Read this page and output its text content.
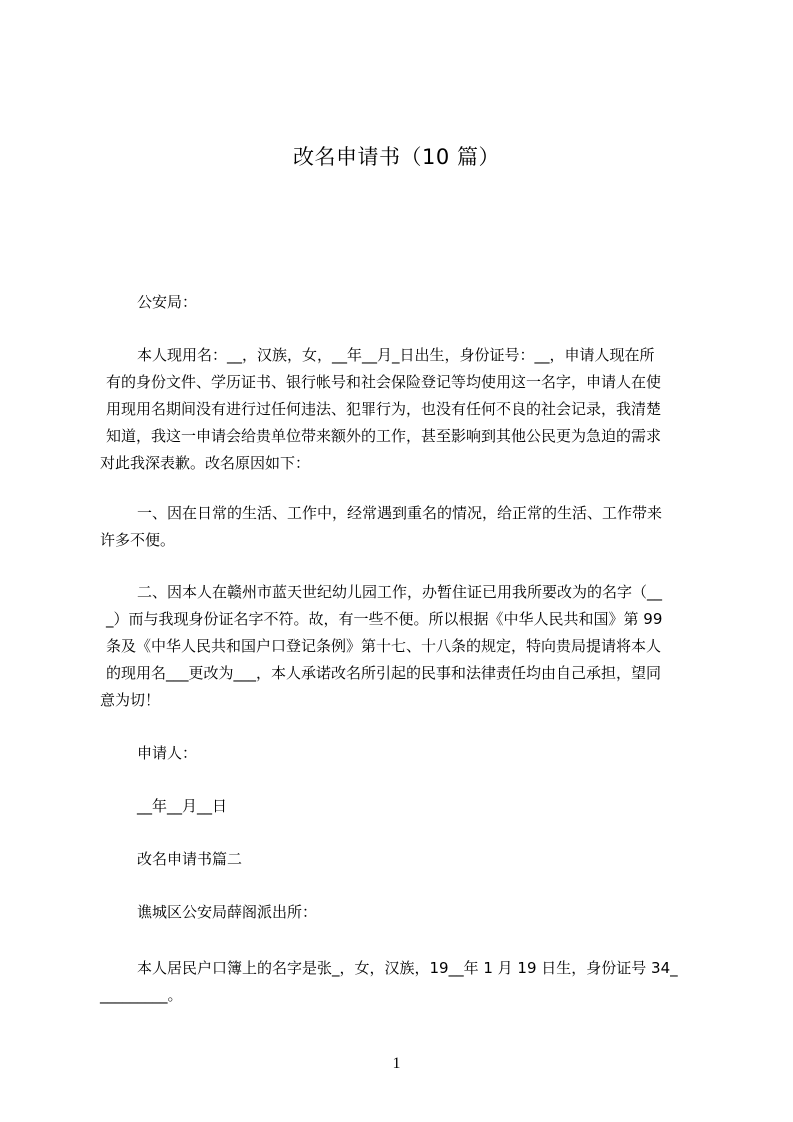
改名申请书（10 篇）
公安局：
本人现用名：__，汉族，女，__年__月_日出生，身份证号：__，申请人现在所
有的身份文件、学历证书、银行帐号和社会保险登记等均使用这一名字，申请人在使
用现用名期间没有进行过任何违法、犯罪行为，也没有任何不良的社会记录，我清楚
知道，我这一申请会给贵单位带来额外的工作，甚至影响到其他公民更为急迫的需求
对此我深表歉。改名原因如下：
一、因在日常的生活、工作中，经常遇到重名的情况，给正常的生活、工作带来
许多不便。
二、因本人在赣州市蓝天世纪幼儿园工作，办暂住证已用我所要改为的名字（__
_）而与我现身份证名字不符。故，有一些不便。所以根据《中华人民共和国》第 99
条及《中华人民共和国户口登记条例》第十七、十八条的规定，特向贵局提请将本人
的现用名___更改为___，本人承诺改名所引起的民事和法律责任均由自己承担，望同
意为切！
申请人：
__年__月__日
改名申请书篇二
谯城区公安局薛阁派出所：
本人居民户口簿上的名字是张_，女，汉族，19__年 1 月 19 日生，身份证号 34_
_________。
1
